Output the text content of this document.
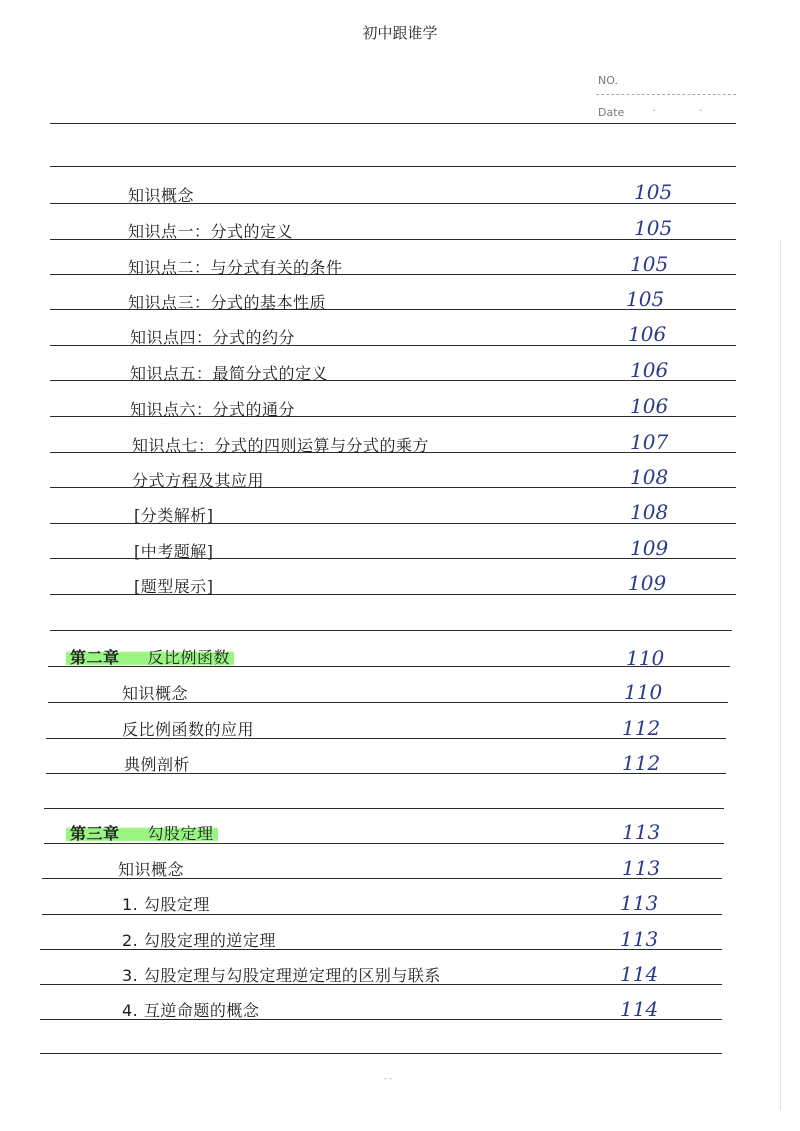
初中跟谁学
NO.
Date	· ·
知识概念	105
知识点一：分式的定义	105
知识点二：与分式有关的条件	105
知识点三：分式的基本性质	105
知识点四：分式的约分	106
知识点五：最简分式的定义	106
知识点六：分式的通分	106
知识点七：分式的四则运算与分式的乘方	107
分式方程及其应用	108
[分类解析]	108
[中考题解]	109
[题型展示]	109
第二章 反比例函数	110
知识概念	110
反比例函数的应用	112
典例剖析	112
第三章 勾股定理	113
知识概念	113
1. 勾股定理	113
2. 勾股定理的逆定理	113
3. 勾股定理与勾股定理逆定理的区别与联系	114
4. 互逆命题的概念	114
- -
